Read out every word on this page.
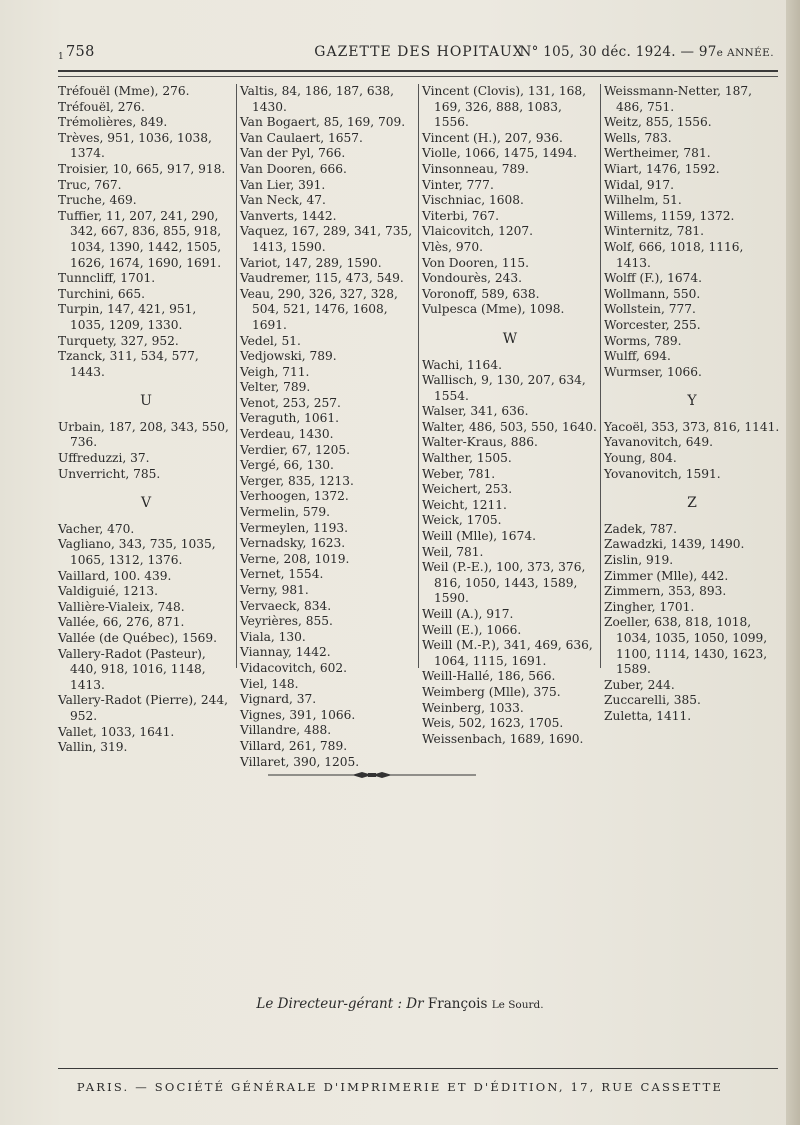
$^1$ 758	GAZETTE DES HOPITAUX
N° 105, 30 déc. 1924. — 97e ANNÉE.
Tréfouël (Mme), 276.
Tréfouël, 276.
Trémolières, 849.
Trèves, 951, 1036, 1038, 1374.
Troisier, 10, 665, 917, 918.
Truc, 767.
Truche, 469.
Tuffier, 11, 207, 241, 290, 342, 667, 836, 855, 918, 1034, 1390, 1442, 1505, 1626, 1674, 1690, 1691.
Tunncliff, 1701.
Turchini, 665.
Turpin, 147, 421, 951, 1035, 1209, 1330.
Turquety, 327, 952.
Tzanck, 311, 534, 577, 1443.
U
Urbain, 187, 208, 343, 550, 736.
Uffreduzzi, 37.
Unverricht, 785.
V
Vacher, 470.
Vagliano, 343, 735, 1035, 1065, 1312, 1376.
Vaillard, 100. 439.
Valdiguié, 1213.
Vallière-Vialeix, 748.
Vallée, 66, 276, 871.
Vallée (de Québec), 1569.
Vallery-Radot (Pasteur), 440, 918, 1016, 1148, 1413.
Vallery-Radot (Pierre), 244, 952.
Vallet, 1033, 1641.
Vallin, 319.
Valtis, 84, 186, 187, 638, 1430.
Van Bogaert, 85, 169, 709.
Van Caulaert, 1657.
Van der Pyl, 766.
Van Dooren, 666.
Van Lier, 391.
Van Neck, 47.
Vanverts, 1442.
Vaquez, 167, 289, 341, 735, 1413, 1590.
Variot, 147, 289, 1590.
Vaudremer, 115, 473, 549.
Veau, 290, 326, 327, 328, 504, 521, 1476, 1608, 1691.
Vedel, 51.
Vedjowski, 789.
Veigh, 711.
Velter, 789.
Venot, 253, 257.
Veraguth, 1061.
Verdeau, 1430.
Verdier, 67, 1205.
Vergé, 66, 130.
Verger, 835, 1213.
Verhoogen, 1372.
Vermelin, 579.
Vermeylen, 1193.
Vernadsky, 1623.
Verne, 208, 1019.
Vernet, 1554.
Verny, 981.
Vervaeck, 834.
Veyrières, 855.
Viala, 130.
Viannay, 1442.
Vidacovitch, 602.
Viel, 148.
Vignard, 37.
Vignes, 391, 1066.
Villandre, 488.
Villard, 261, 789.
Villaret, 390, 1205.
Vincent (Clovis), 131, 168, 169, 326, 888, 1083, 1556.
Vincent (H.), 207, 936.
Violle, 1066, 1475, 1494.
Vinsonneau, 789.
Vinter, 777.
Vischniac, 1608.
Viterbi, 767.
Vlaicovitch, 1207.
Vlès, 970.
Von Dooren, 115.
Vondourès, 243.
Voronoff, 589, 638.
Vulpesca (Mme), 1098.
W
Wachi, 1164.
Wallisch, 9, 130, 207, 634, 1554.
Walser, 341, 636.
Walter, 486, 503, 550, 1640.
Walter-Kraus, 886.
Walther, 1505.
Weber, 781.
Weichert, 253.
Weicht, 1211.
Weick, 1705.
Weill (Mlle), 1674.
Weil, 781.
Weil (P.-E.), 100, 373, 376, 816, 1050, 1443, 1589, 1590.
Weill (A.), 917.
Weill (E.), 1066.
Weill (M.-P.), 341, 469, 636, 1064, 1115, 1691.
Weill-Hallé, 186, 566.
Weimberg (Mlle), 375.
Weinberg, 1033.
Weis, 502, 1623, 1705.
Weissenbach, 1689, 1690.
Weissmann-Netter, 187, 486, 751.
Weitz, 855, 1556.
Wells, 783.
Wertheimer, 781.
Wiart, 1476, 1592.
Widal, 917.
Wilhelm, 51.
Willems, 1159, 1372.
Winternitz, 781.
Wolf, 666, 1018, 1116, 1413.
Wolff (F.), 1674.
Wollmann, 550.
Wollstein, 777.
Worcester, 255.
Worms, 789.
Wulff, 694.
Wurmser, 1066.
Y
Yacoël, 353, 373, 816, 1141.
Yavanovitch, 649.
Young, 804.
Yovanovitch, 1591.
Z
Zadek, 787.
Zawadzki, 1439, 1490.
Zislin, 919.
Zimmer (Mlle), 442.
Zimmern, 353, 893.
Zingher, 1701.
Zoeller, 638, 818, 1018, 1034, 1035, 1050, 1099, 1100, 1114, 1430, 1623, 1589.
Zuber, 244.
Zuccarelli, 385.
Zuletta, 1411.
Le Directeur-gérant : Dr François Le Sourd.
PARIS. — SOCIÉTÉ GÉNÉRALE D'IMPRIMERIE ET D'ÉDITION, 17, RUE CASSETTE
